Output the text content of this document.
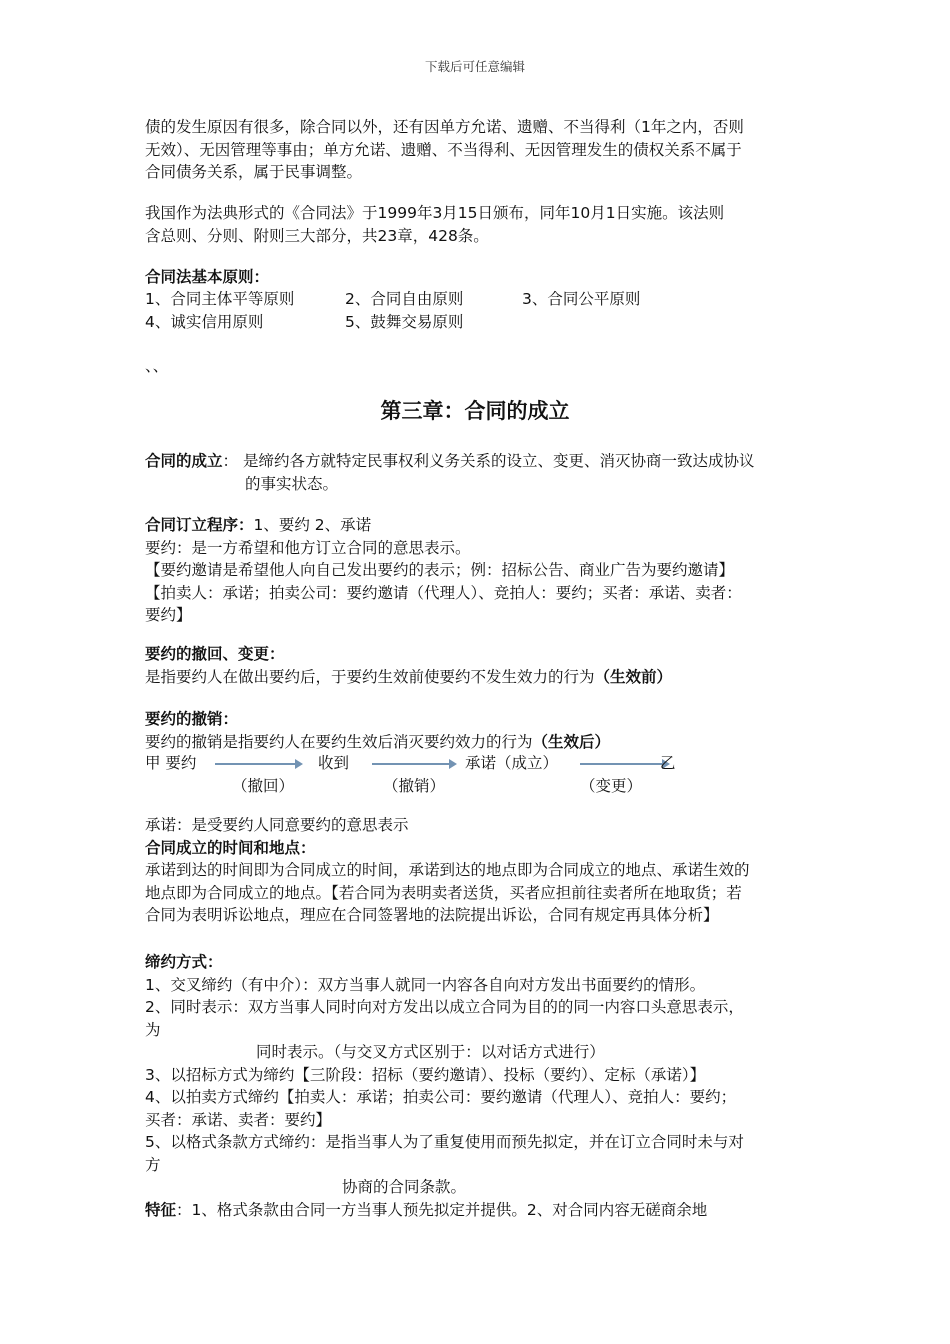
下载后可任意编辑

债的发生原因有很多，除合同以外，还有因单方允诺、遗赠、不当得利（1年之内，否则

无效）、无因管理等事由；单方允诺、遗赠、不当得利、无因管理发生的债权关系不属于

合同债务关系，属于民事调整。

我国作为法典形式的《合同法》于1999年3月15日颁布，同年10月1日实施。该法则

含总则、分则、附则三大部分，共23章，428条。

合同法基本原则：
1、合同主体平等原则	2、合同自由原则	3、合同公平原则
4、诚实信用原则	5、鼓舞交易原则
、、
第三章：合同的成立
合同的成立： 是缔约各方就特定民事权利义务关系的设立、变更、消灭协商一致达成协议
的事实状态。

合同订立程序：1、要约 2、承诺

要约：是一方希望和他方订立合同的意思表示。

【要约邀请是希望他人向自己发出要约的表示；例：招标公告、商业广告为要约邀请】

【拍卖人：承诺；拍卖公司：要约邀请（代理人）、竞拍人：要约；买者：承诺、卖者：

要约】

要约的撤回、变更：

是指要约人在做出要约后，于要约生效前使要约不发生效力的行为（生效前）

要约的撤销：

要约的撤销是指要约人在要约生效后消灭要约效力的行为（生效后）

甲 要约	收到	承诺（成立）	乙
（撤回）	（撤销）	（变更）

承诺：是受要约人同意要约的意思表示

合同成立的时间和地点：

承诺到达的时间即为合同成立的时间，承诺到达的地点即为合同成立的地点、承诺生效的

地点即为合同成立的地点。【若合同为表明卖者送货，买者应担前往卖者所在地取货；若

合同为表明诉讼地点，理应在合同签署地的法院提出诉讼，合同有规定再具体分析】

缔约方式：

1、交叉缔约（有中介）：双方当事人就同一内容各自向对方发出书面要约的情形。

2、同时表示：双方当事人同时向对方发出以成立合同为目的的同一内容口头意思表示，

为

同时表示。（与交叉方式区别于：以对话方式进行）

3、以招标方式为缔约【三阶段：招标（要约邀请）、投标（要约）、定标（承诺）】

4、以拍卖方式缔约【拍卖人：承诺；拍卖公司：要约邀请（代理人）、竞拍人：要约；

买者：承诺、卖者：要约】

5、以格式条款方式缔约：是指当事人为了重复使用而预先拟定，并在订立合同时未与对

方

协商的合同条款。

特征：1、格式条款由合同一方当事人预先拟定并提供。2、对合同内容无磋商余地
